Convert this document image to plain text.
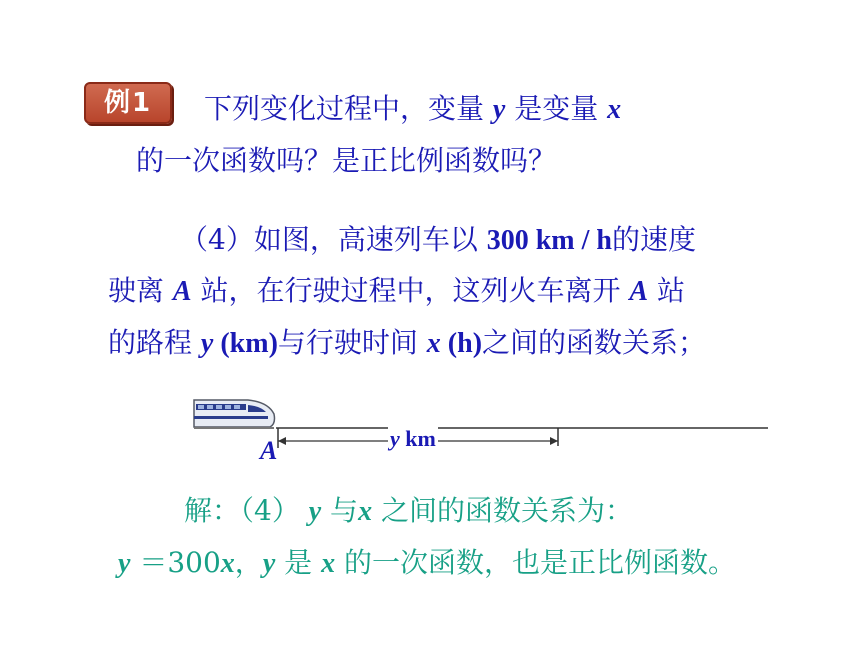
例1	下列变化过程中，变量 y 是变量 x
的一次函数吗？是正比例函数吗？
（4）如图，高速列车以 300 km / h的速度
驶离 A 站，在行驶过程中，这列火车离开 A 站
的路程 y (km)与行驶时间 x (h)之间的函数关系；
A	y km
解：（4） y 与x 之间的函数关系为：
y ＝300x，y 是 x 的一次函数，也是正比例函数。
